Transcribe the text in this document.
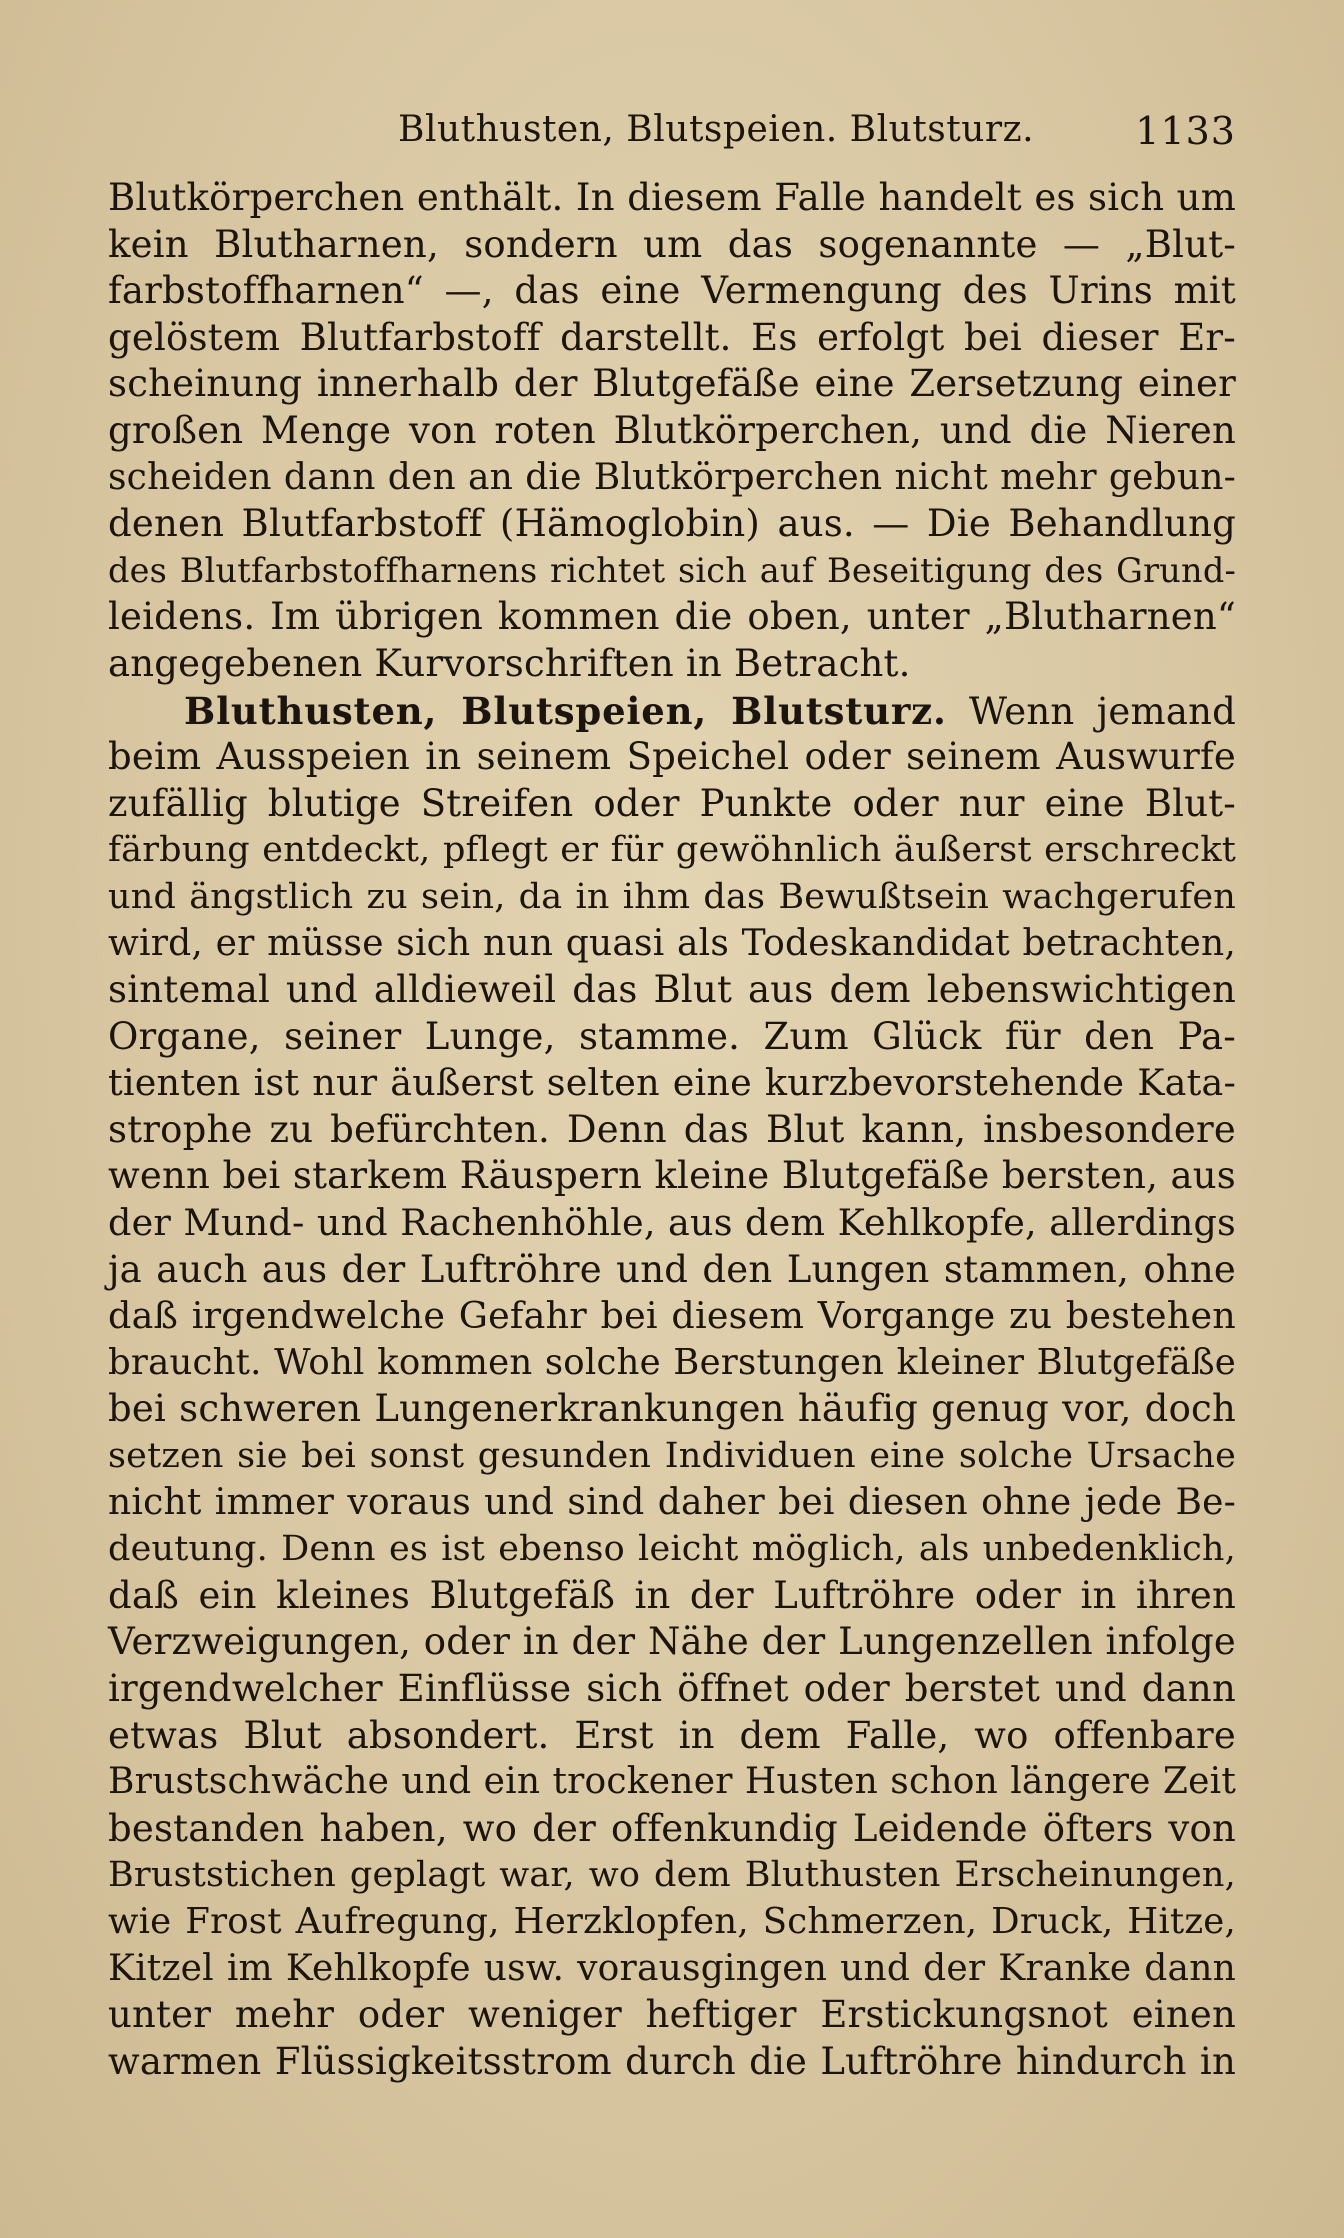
Bluthusten, Blutspeien. Blutsturz.	1133

Blutkörperchen enthält. In diesem Falle handelt es sich um
kein Blutharnen, sondern um das sogenannte — „Blut-
farbstoffharnen“ —, das eine Vermengung des Urins mit
gelöstem Blutfarbstoff darstellt. Es erfolgt bei dieser Er-
scheinung innerhalb der Blutgefäße eine Zersetzung einer
großen Menge von roten Blutkörperchen, und die Nieren
scheiden dann den an die Blutkörperchen nicht mehr gebun-
denen Blutfarbstoff (Hämoglobin) aus. — Die Behandlung
des Blutfarbstoffharnens richtet sich auf Beseitigung des Grund-
leidens. Im übrigen kommen die oben, unter „Blutharnen“
angegebenen Kurvorschriften in Betracht.

Bluthusten, Blutspeien, Blutsturz. Wenn jemand
beim Ausspeien in seinem Speichel oder seinem Auswurfe
zufällig blutige Streifen oder Punkte oder nur eine Blut-
färbung entdeckt, pflegt er für gewöhnlich äußerst erschreckt
und ängstlich zu sein, da in ihm das Bewußtsein wachgerufen
wird, er müsse sich nun quasi als Todeskandidat betrachten,
sintemal und alldieweil das Blut aus dem lebenswichtigen
Organe, seiner Lunge, stamme. Zum Glück für den Pa-
tienten ist nur äußerst selten eine kurzbevorstehende Kata-
strophe zu befürchten. Denn das Blut kann, insbesondere
wenn bei starkem Räuspern kleine Blutgefäße bersten, aus
der Mund- und Rachenhöhle, aus dem Kehlkopfe, allerdings
ja auch aus der Luftröhre und den Lungen stammen, ohne
daß irgendwelche Gefahr bei diesem Vorgange zu bestehen
braucht. Wohl kommen solche Berstungen kleiner Blutgefäße
bei schweren Lungenerkrankungen häufig genug vor, doch
setzen sie bei sonst gesunden Individuen eine solche Ursache
nicht immer voraus und sind daher bei diesen ohne jede Be-
deutung. Denn es ist ebenso leicht möglich, als unbedenklich,
daß ein kleines Blutgefäß in der Luftröhre oder in ihren
Verzweigungen, oder in der Nähe der Lungenzellen infolge
irgendwelcher Einflüsse sich öffnet oder berstet und dann
etwas Blut absondert. Erst in dem Falle, wo offenbare
Brustschwäche und ein trockener Husten schon längere Zeit
bestanden haben, wo der offenkundig Leidende öfters von
Bruststichen geplagt war, wo dem Bluthusten Erscheinungen,
wie Frost Aufregung, Herzklopfen, Schmerzen, Druck, Hitze,
Kitzel im Kehlkopfe usw. vorausgingen und der Kranke dann
unter mehr oder weniger heftiger Erstickungsnot einen
warmen Flüssigkeitsstrom durch die Luftröhre hindurch in
